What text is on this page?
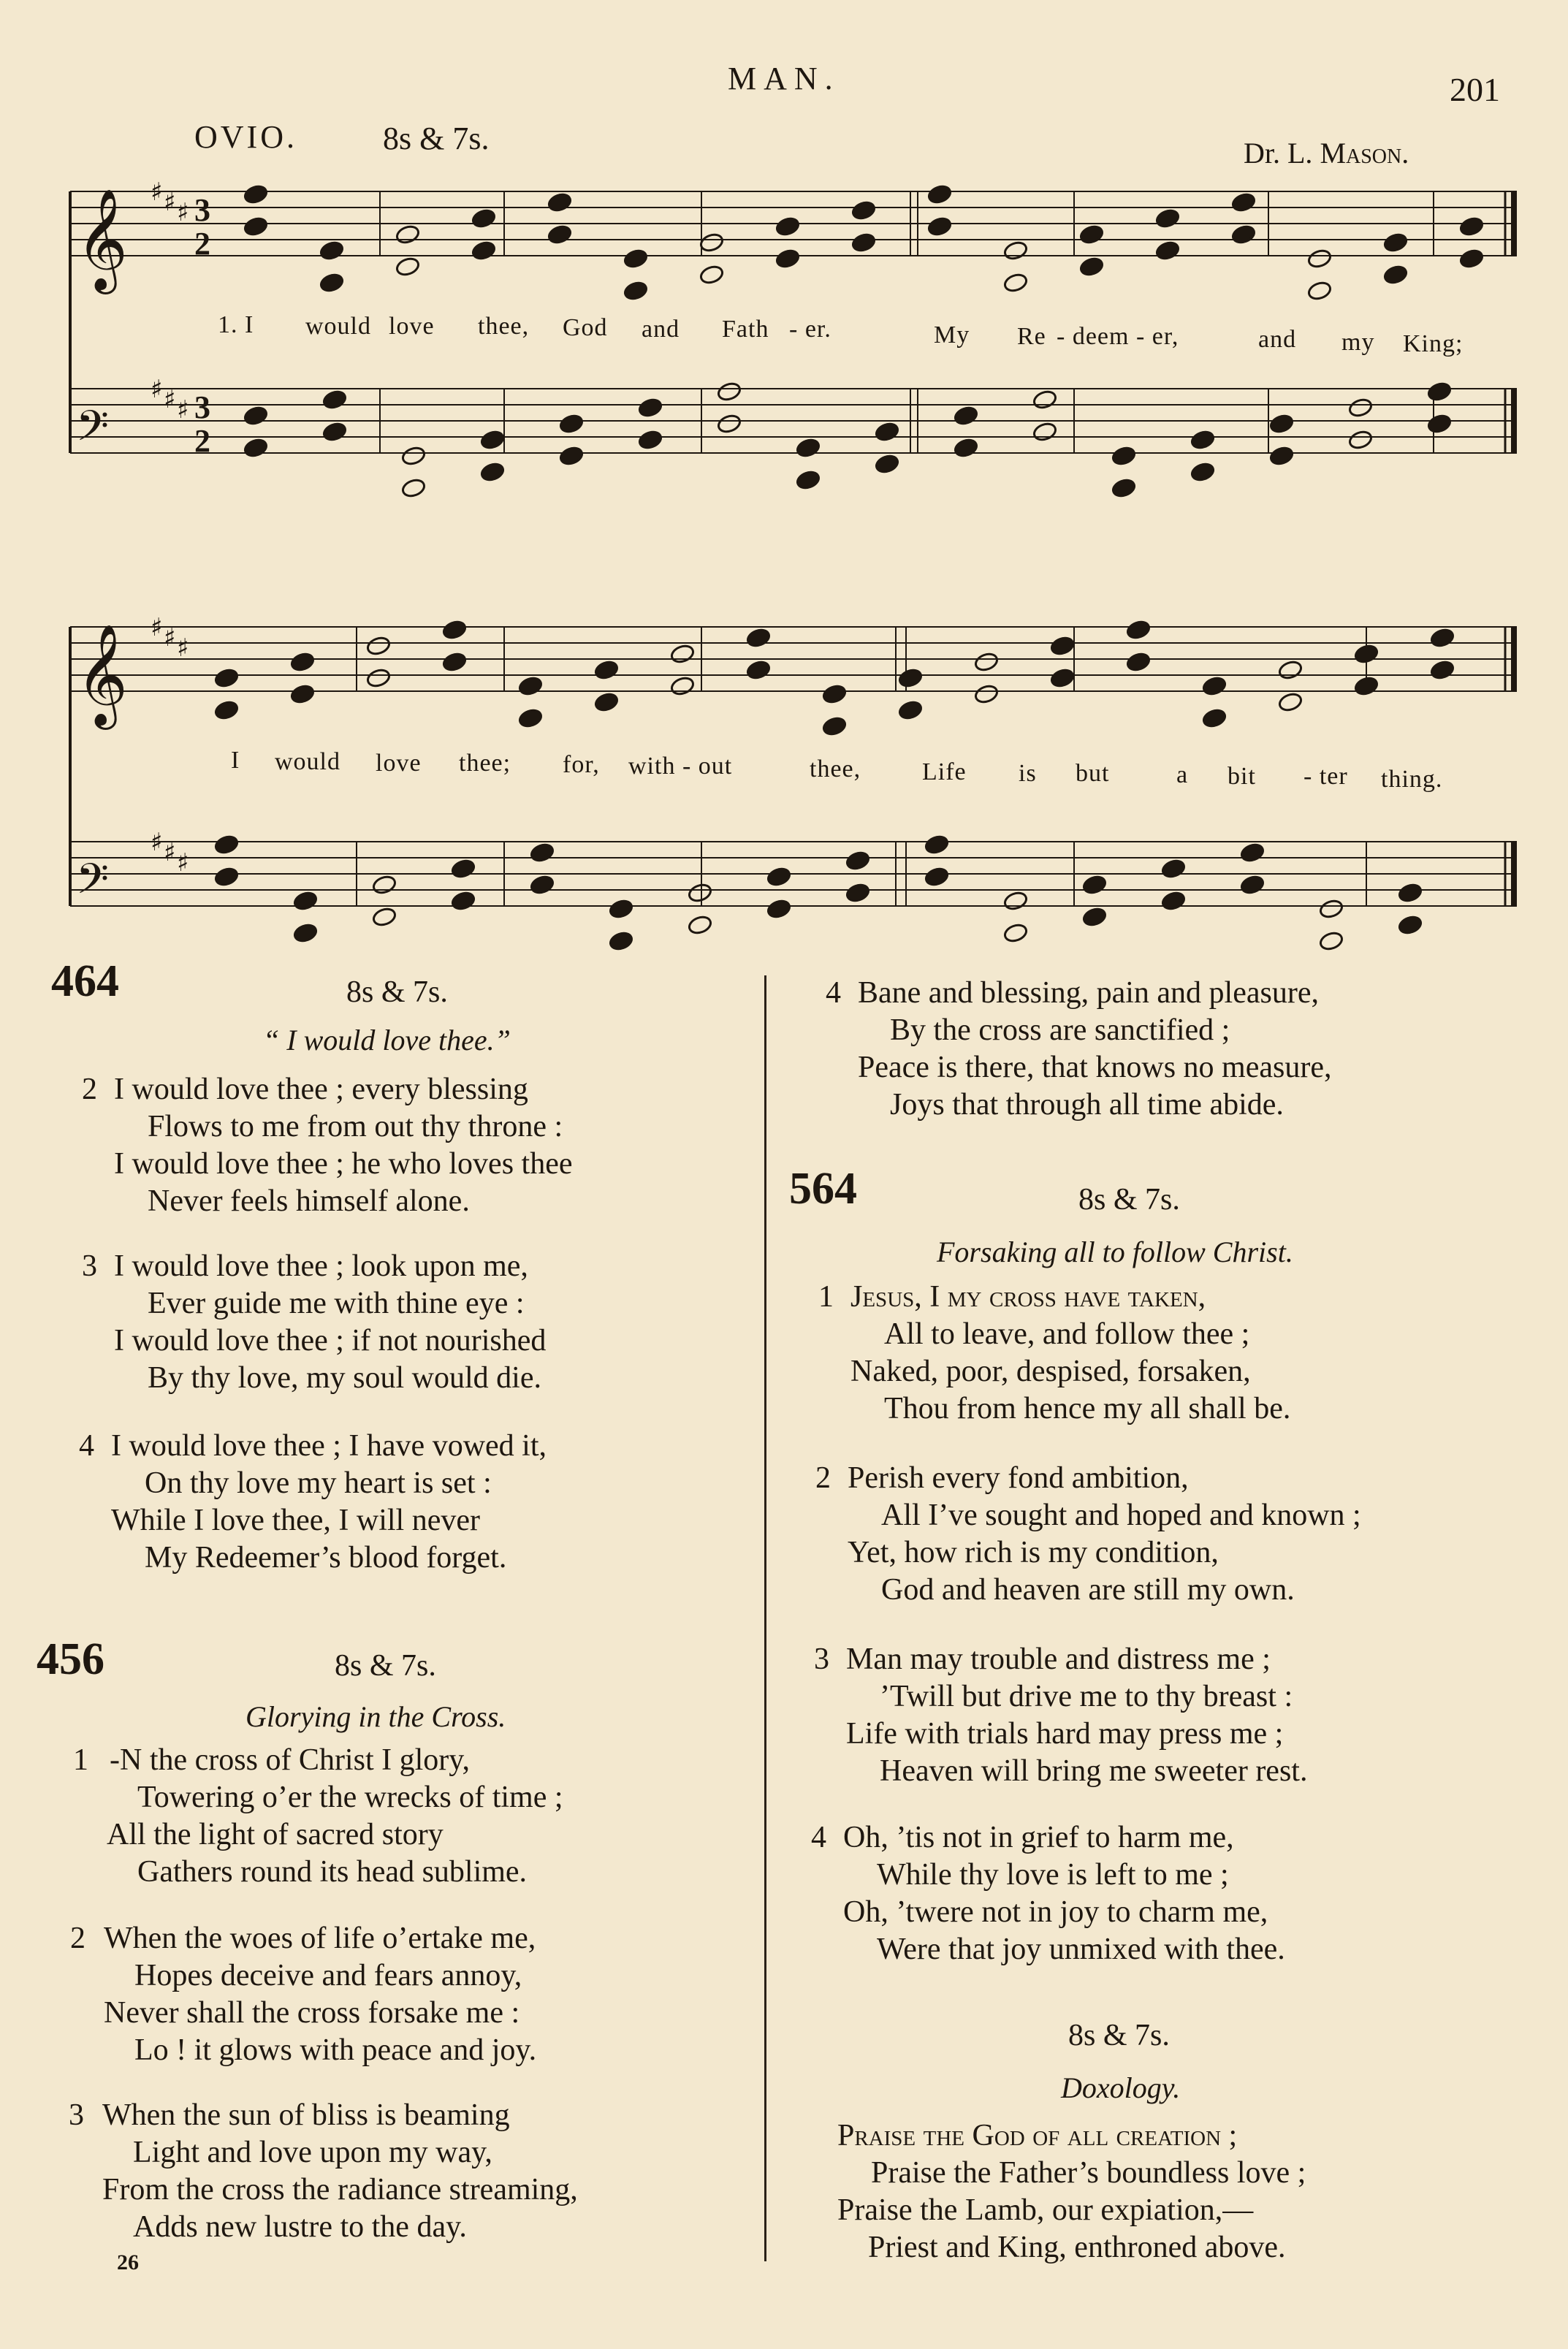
MAN.	201
OVIO.	8s & 7s.	Dr. L. Mason.
𝄞 ♯ ♯ ♯ 3
2
𝄢
♯ ♯ ♯ 3
2
𝄞 ♯ ♯ ♯
𝄢
♯ ♯ ♯
1. I would love thee, God and Fath - er.	My Re - deem - er,	and my King;
I would love thee; for, with - out	thee, Life is but	a bit - ter thing.
464	8s & 7s.
“ I would love thee.”
2 I would love thee ; every blessing
Flows to me from out thy throne :
I would love thee ; he who loves thee
Never feels himself alone.
3 I would love thee ; look upon me,
Ever guide me with thine eye :
I would love thee ; if not nourished
By thy love, my soul would die.
4 I would love thee ; I have vowed it,
On thy love my heart is set :
While I love thee, I will never
My Redeemer’s blood forget.
456	8s & 7s.
Glorying in the Cross.
1 -N the cross of Christ I glory,
Towering o’er the wrecks of time ;
All the light of sacred story
Gathers round its head sublime.
2 When the woes of life o’ertake me,
Hopes deceive and fears annoy,
Never shall the cross forsake me :
Lo ! it glows with peace and joy.
3 When the sun of bliss is beaming
Light and love upon my way,
From the cross the radiance streaming,
Adds new lustre to the day.
26
4 Bane and blessing, pain and pleasure,
By the cross are sanctified ;
Peace is there, that knows no measure,
Joys that through all time abide.
564	8s & 7s.
Forsaking all to follow Christ.
1 Jesus, I my cross have taken,
All to leave, and follow thee ;
Naked, poor, despised, forsaken,
Thou from hence my all shall be.
2 Perish every fond ambition,
All I’ve sought and hoped and known ;
Yet, how rich is my condition,
God and heaven are still my own.
3 Man may trouble and distress me ;
’Twill but drive me to thy breast :
Life with trials hard may press me ;
Heaven will bring me sweeter rest.
4 Oh, ’tis not in grief to harm me,
While thy love is left to me ;
Oh, ’twere not in joy to charm me,
Were that joy unmixed with thee.
8s & 7s.
Doxology.
Praise the God of all creation ;
Praise the Father’s boundless love ;
Praise the Lamb, our expiation,—
Priest and King, enthroned above.
